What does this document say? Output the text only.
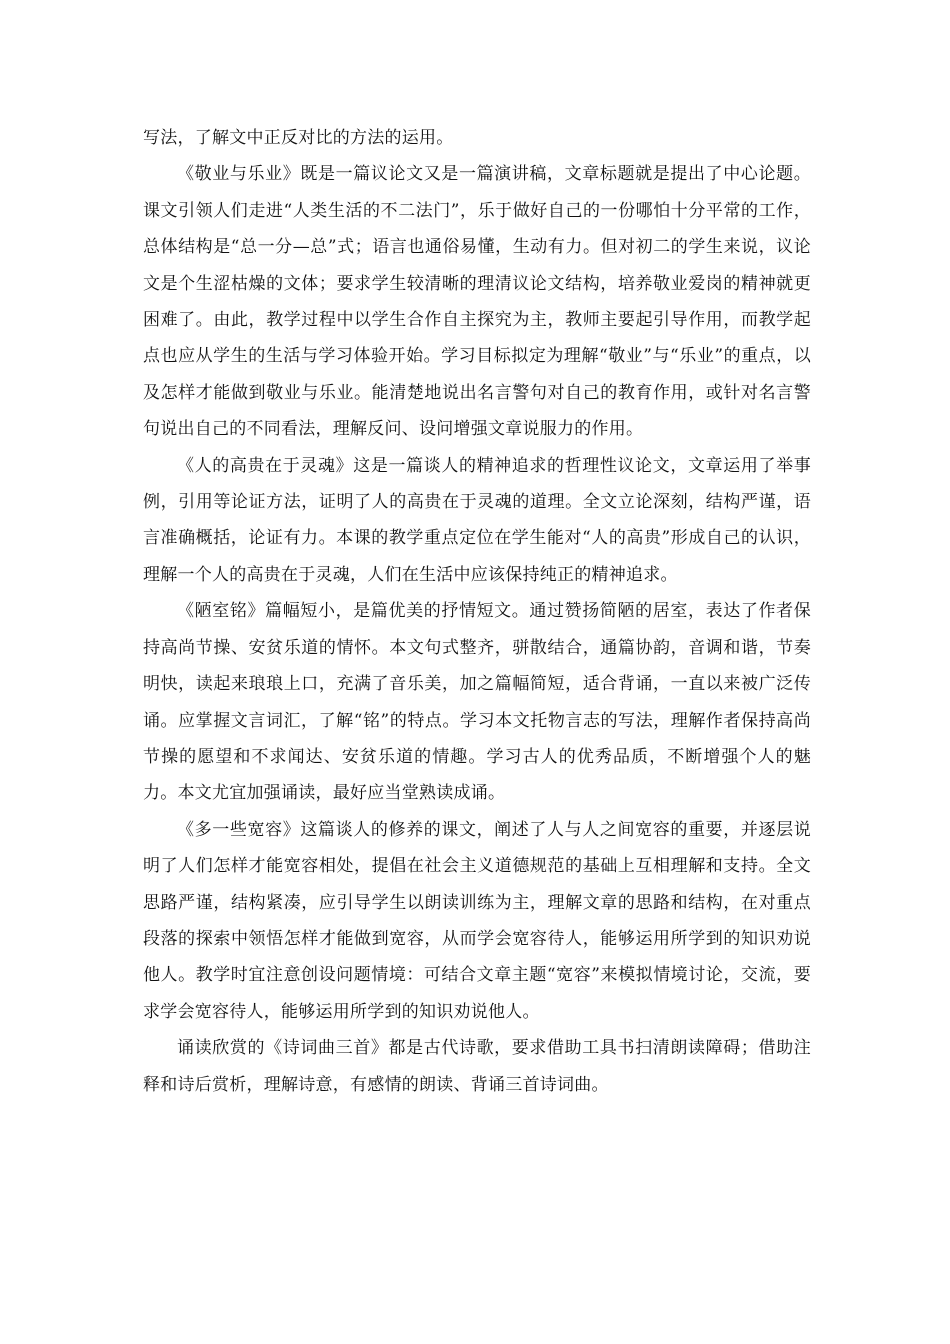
写法，了解文中正反对比的方法的运用。

《敬业与乐业》既是一篇议论文又是一篇演讲稿，文章标题就是提出了中心论题。课文引领人们走进“人类生活的不二法门”，乐于做好自己的一份哪怕十分平常的工作，总体结构是“总一分—总”式；语言也通俗易懂，生动有力。但对初二的学生来说，议论文是个生涩枯燥的文体；要求学生较清晰的理清议论文结构，培养敬业爱岗的精神就更困难了。由此，教学过程中以学生合作自主探究为主，教师主要起引导作用，而教学起点也应从学生的生活与学习体验开始。学习目标拟定为理解“敬业”与“乐业”的重点，以及怎样才能做到敬业与乐业。能清楚地说出名言警句对自己的教育作用，或针对名言警句说出自己的不同看法，理解反问、设问增强文章说服力的作用。

《人的高贵在于灵魂》这是一篇谈人的精神追求的哲理性议论文，文章运用了举事例，引用等论证方法，证明了人的高贵在于灵魂的道理。全文立论深刻，结构严谨，语言准确概括，论证有力。本课的教学重点定位在学生能对“人的高贵”形成自己的认识，理解一个人的高贵在于灵魂，人们在生活中应该保持纯正的精神追求。

《陋室铭》篇幅短小，是篇优美的抒情短文。通过赞扬简陋的居室，表达了作者保持高尚节操、安贫乐道的情怀。本文句式整齐，骈散结合，通篇协韵，音调和谐，节奏明快，读起来琅琅上口，充满了音乐美，加之篇幅简短，适合背诵，一直以来被广泛传诵。应掌握文言词汇，了解“铭”的特点。学习本文托物言志的写法，理解作者保持高尚节操的愿望和不求闻达、安贫乐道的情趣。学习古人的优秀品质，不断增强个人的魅力。本文尤宜加强诵读，最好应当堂熟读成诵。

《多一些宽容》这篇谈人的修养的课文，阐述了人与人之间宽容的重要，并逐层说明了人们怎样才能宽容相处，提倡在社会主义道德规范的基础上互相理解和支持。全文思路严谨，结构紧凑，应引导学生以朗读训练为主，理解文章的思路和结构，在对重点段落的探索中领悟怎样才能做到宽容，从而学会宽容待人，能够运用所学到的知识劝说他人。教学时宜注意创设问题情境：可结合文章主题“宽容”来模拟情境讨论，交流，要求学会宽容待人，能够运用所学到的知识劝说他人。

诵读欣赏的《诗词曲三首》都是古代诗歌，要求借助工具书扫清朗读障碍；借助注释和诗后赏析，理解诗意，有感情的朗读、背诵三首诗词曲。
